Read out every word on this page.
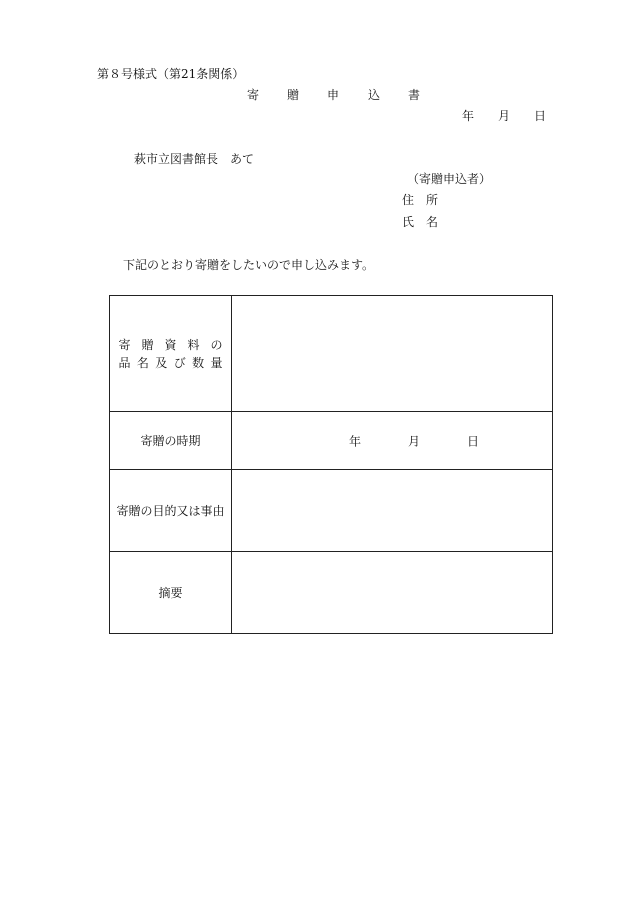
第８号様式（第21条関係）
寄 贈 申 込 書
年 月 日
萩市立図書館長　あて
（寄贈申込者）
住　所
氏　名
下記のとおり寄贈をしたいので申し込みます。
寄贈資料の
品名及び数量	

寄贈の時期	年 月 日

寄贈の目的又は事由	

摘要	
